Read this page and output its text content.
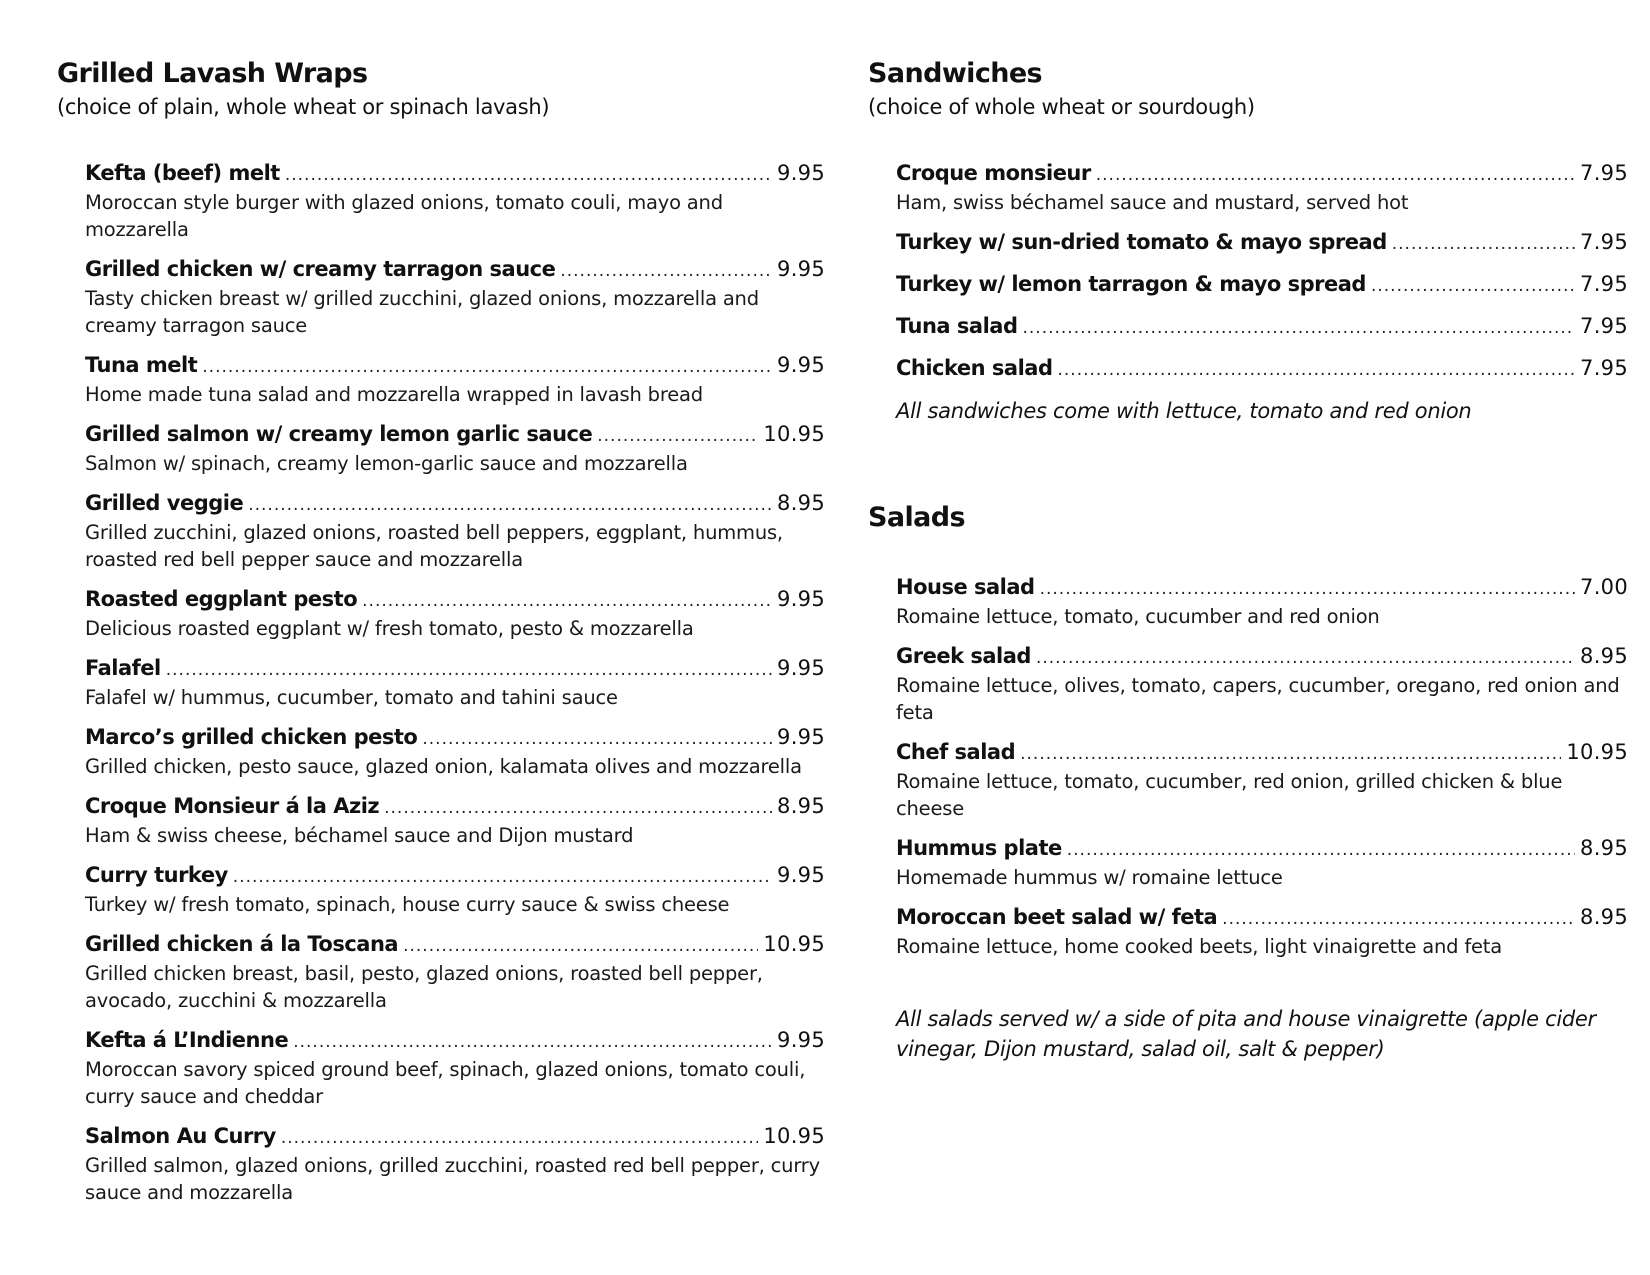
Grilled Lavash Wraps

(choice of plain, whole wheat or spinach lavash)

Kefta (beef) melt .....	9.95

Moroccan style burger with glazed onions, tomato couli, mayo and mozzarella

Grilled chicken w/ creamy tarragon sauce .....	9.95

Tasty chicken breast w/ grilled zucchini, glazed onions, mozzarella and creamy tarragon sauce

Tuna melt .....	9.95

Home made tuna salad and mozzarella wrapped in lavash bread

Grilled salmon w/ creamy lemon garlic sauce .....	10.95

Salmon w/ spinach, creamy lemon-garlic sauce and mozzarella

Grilled veggie .....	8.95

Grilled zucchini, glazed onions, roasted bell peppers, eggplant, hummus, roasted red bell pepper sauce and mozzarella

Roasted eggplant pesto .....	9.95

Delicious roasted eggplant w/ fresh tomato, pesto & mozzarella

Falafel .....	9.95

Falafel w/ hummus, cucumber, tomato and tahini sauce

Marco’s grilled chicken pesto .....	9.95

Grilled chicken, pesto sauce, glazed onion, kalamata olives and mozzarella

Croque Monsieur á la Aziz .....	8.95

Ham & swiss cheese, béchamel sauce and Dijon mustard

Curry turkey .....	9.95

Turkey w/ fresh tomato, spinach, house curry sauce & swiss cheese

Grilled chicken á la Toscana .....	10.95

Grilled chicken breast, basil, pesto, glazed onions, roasted bell pepper, avocado, zucchini & mozzarella

Kefta á L’Indienne .....	9.95

Moroccan savory spiced ground beef, spinach, glazed onions, tomato couli, curry sauce and cheddar

Salmon Au Curry .....	10.95

Grilled salmon, glazed onions, grilled zucchini, roasted red bell pepper, curry sauce and mozzarella

Sandwiches

(choice of whole wheat or sourdough)

Croque monsieur .....	7.95

Ham, swiss béchamel sauce and mustard, served hot

Turkey w/ sun-dried tomato & mayo spread .....	7.95
Turkey w/ lemon tarragon & mayo spread .....	7.95
Tuna salad .....	7.95
Chicken salad .....	7.95

All sandwiches come with lettuce, tomato and red onion

Salads
House salad .....	7.00

Romaine lettuce, tomato, cucumber and red onion

Greek salad .....	8.95

Romaine lettuce, olives, tomato, capers, cucumber, oregano, red onion and feta

Chef salad .....	10.95

Romaine lettuce, tomato, cucumber, red onion, grilled chicken & blue cheese

Hummus plate .....	8.95

Homemade hummus w/ romaine lettuce

Moroccan beet salad w/ feta .....	8.95

Romaine lettuce, home cooked beets, light vinaigrette and feta

All salads served w/ a side of pita and house vinaigrette (apple cider vinegar, Dijon mustard, salad oil, salt & pepper)
